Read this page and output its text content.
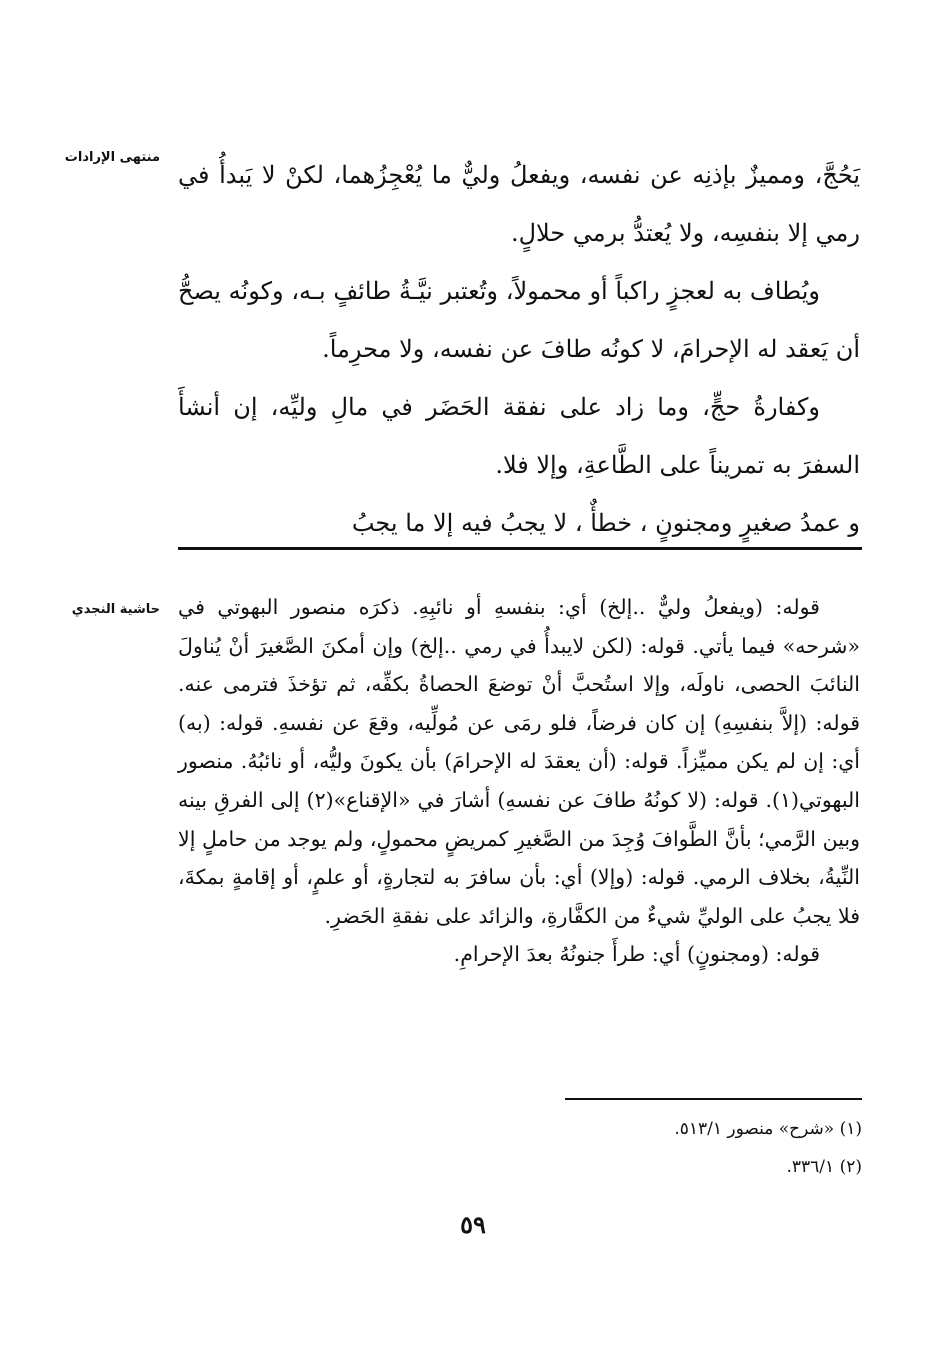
منتهى الإرادات

يَحُجَّ، ومميزٌ بإذنِه عن نفسه، ويفعلُ وليٌّ ما يُعْجِزُهما، لكنْ لا يَبدأُ في رمي إلا بنفسِه، ولا يُعتدُّ برمي حلالٍ.

ويُطاف به لعجزٍ راكباً أو محمولاً، وتُعتبر نيَّـةُ طائفٍ بـه، وكونُه يصحُّ أن يَعقد له الإحرامَ، لا كونُه طافَ عن نفسه، ولا محرِماً.

وكفارةُ حجٍّ، وما زاد على نفقة الحَضَر في مالِ وليِّه، إن أنشأَ السفرَ به تمريناً على الطَّاعةِ، وإلا فلا.

و عمدُ صغيرٍ ومجنونٍ ، خطأٌ ، لا يجبُ فيه إلا ما يجبُ

حاشية النجدي قوله: (ويفعلُ وليٌّ ..إلخ) أي: بنفسهِ أو نائبِهِ. ذكرَه منصور البهوتي في «شرحه» فيما يأتي. قوله: (لكن لايبدأُ في رمي ..إلخ) وإن أمكنَ الصَّغيرَ أنْ يُناولَ النائبَ الحصى، ناولَه، وإلا استُحبَّ أنْ توضعَ الحصاةُ بكفِّه، ثم تؤخذَ فترمى عنه. قوله: (إلاَّ بنفسِهِ) إن كان فرضاً، فلو رمَى عن مُولِّيه، وقعَ عن نفسهِ. قوله: (به) أي: إن لم يكن مميِّزاً. قوله: (أن يعقدَ له الإحرامَ) بأن يكونَ وليُّه، أو نائبُهُ. منصور البهوتي(١). قوله: (لا كونُهُ طافَ عن نفسهِ) أشارَ في «الإقناع»(٢) إلى الفرقِ بينه وبين الرَّمي؛ بأنَّ الطَّوافَ وُجِدَ من الصَّغيرِ كمريضٍ محمولٍ، ولم يوجد من حاملٍ إلا النِّيةُ، بخلاف الرمي. قوله: (وإلا) أي: بأن سافرَ به لتجارةٍ، أو علمٍ، أو إقامةٍ بمكةَ، فلا يجبُ على الوليِّ شيءٌ من الكفَّارةِ، والزائد على نفقةِ الحَضرِ.

قوله: (ومجنونٍ) أي: طرأَ جنونُهُ بعدَ الإحرامِ.

(١) «شرح» منصور ٥١٣/١.
(٢) ٣٣٦/١.
٥٩
